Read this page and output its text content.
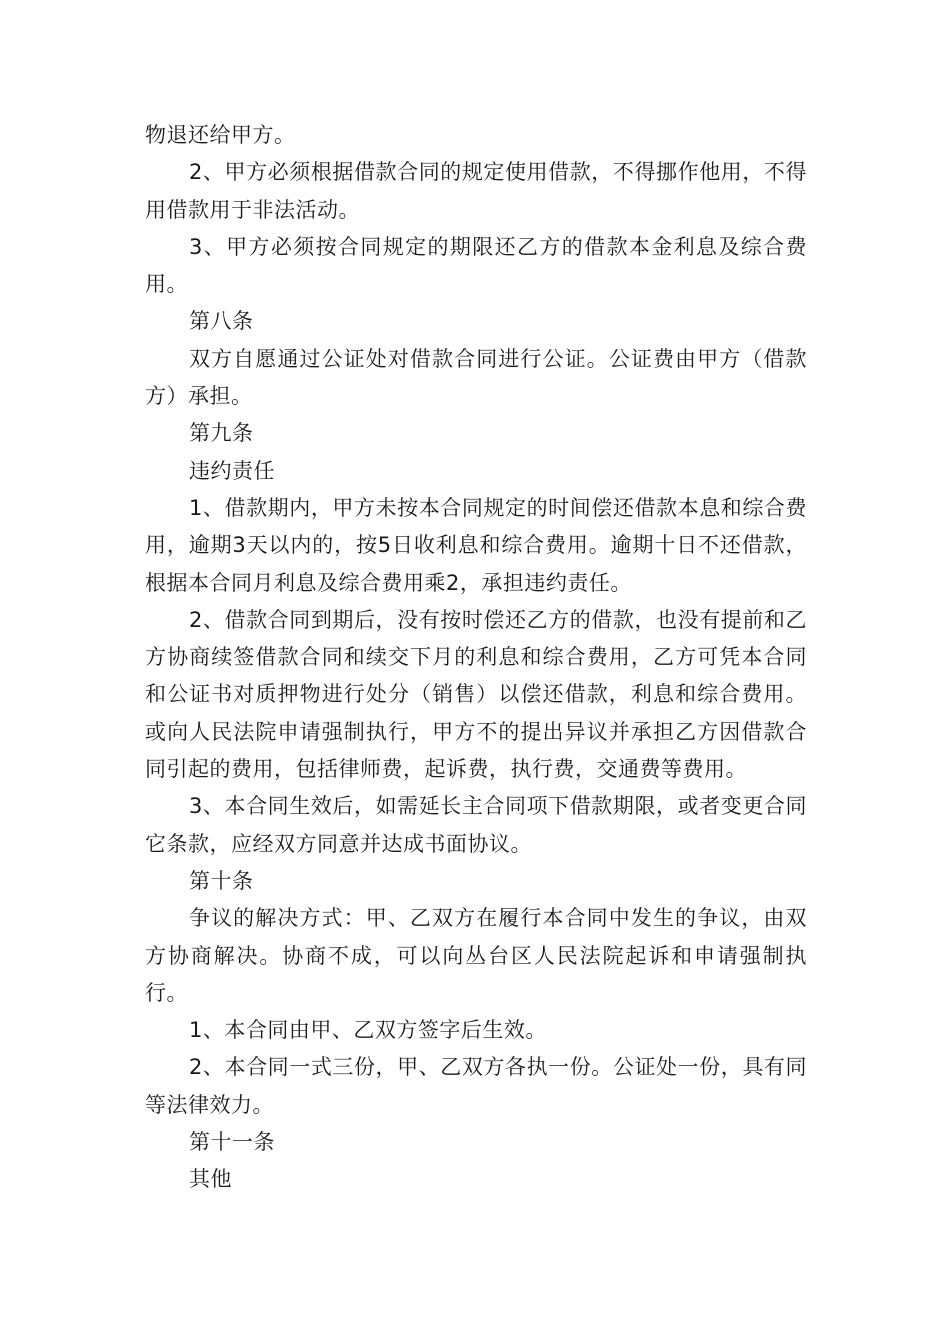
物退还给甲方。

2、甲方必须根据借款合同的规定使用借款，不得挪作他用，不得用借款用于非法活动。

3、甲方必须按合同规定的期限还乙方的借款本金利息及综合费用。

第八条

双方自愿通过公证处对借款合同进行公证。公证费由甲方（借款方）承担。

第九条

违约责任

1、借款期内，甲方未按本合同规定的时间偿还借款本息和综合费用，逾期3天以内的，按5日收利息和综合费用。逾期十日不还借款，根据本合同月利息及综合费用乘2，承担违约责任。

2、借款合同到期后，没有按时偿还乙方的借款，也没有提前和乙方协商续签借款合同和续交下月的利息和综合费用，乙方可凭本合同和公证书对质押物进行处分（销售）以偿还借款，利息和综合费用。或向人民法院申请强制执行，甲方不的提出异议并承担乙方因借款合同引起的费用，包括律师费，起诉费，执行费，交通费等费用。

3、本合同生效后，如需延长主合同项下借款期限，或者变更合同它条款，应经双方同意并达成书面协议。

第十条

争议的解决方式：甲、乙双方在履行本合同中发生的争议，由双方协商解决。协商不成，可以向丛台区人民法院起诉和申请强制执行。

1、本合同由甲、乙双方签字后生效。

2、本合同一式三份，甲、乙双方各执一份。公证处一份，具有同等法律效力。

第十一条

其他
